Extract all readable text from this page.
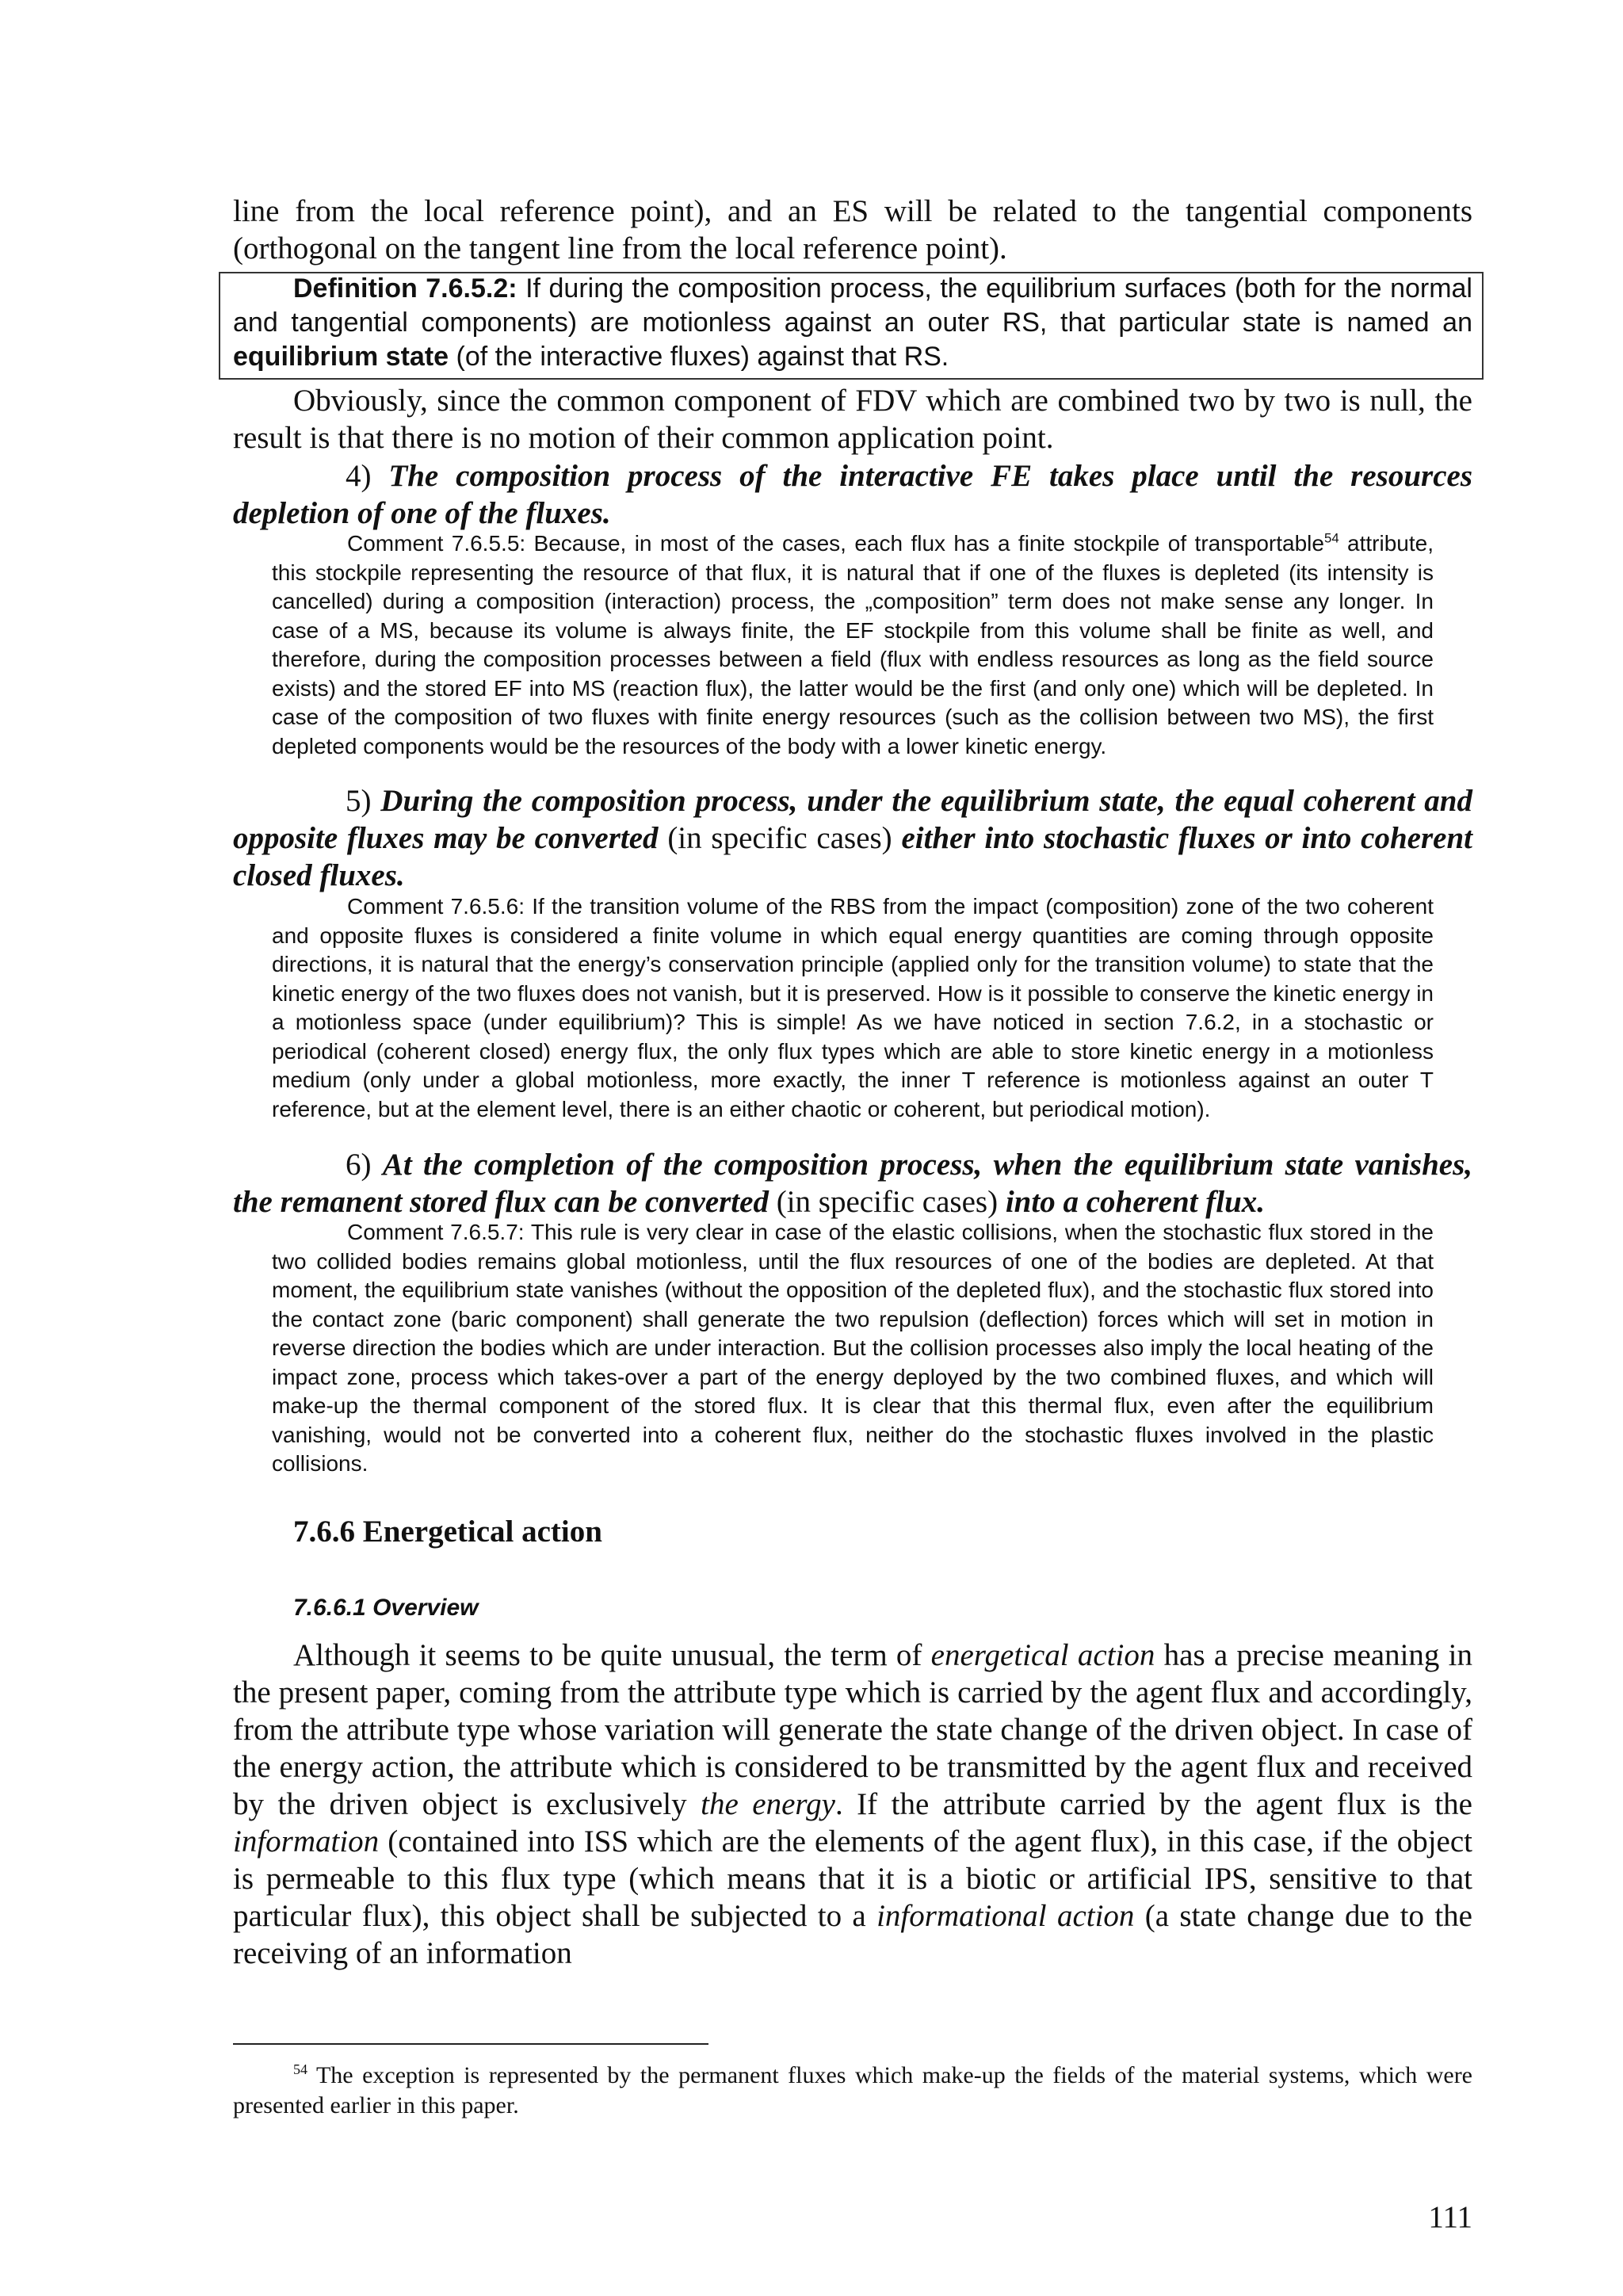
line from the local reference point), and an ES will be related to the tangential components (orthogonal on the tangent line from the local reference point).

Definition 7.6.5.2: If during the composition process, the equilibrium surfaces (both for the normal and tangential components) are motionless against an outer RS, that particular state is named an equilibrium state (of the interactive fluxes) against that RS.

Obviously, since the common component of FDV which are combined two by two is null, the result is that there is no motion of their common application point.

4) The composition process of the interactive FE takes place until the resources depletion of one of the fluxes.

Comment 7.6.5.5: Because, in most of the cases, each flux has a finite stockpile of transportable$^{54}$ attribute, this stockpile representing the resource of that flux, it is natural that if one of the fluxes is depleted (its intensity is cancelled) during a composition (interaction) process, the „composition” term does not make sense any longer. In case of a MS, because its volume is always finite, the EF stockpile from this volume shall be finite as well, and therefore, during the composition processes between a field (flux with endless resources as long as the field source exists) and the stored EF into MS (reaction flux), the latter would be the first (and only one) which will be depleted. In case of the composition of two fluxes with finite energy resources (such as the collision between two MS), the first depleted components would be the resources of the body with a lower kinetic energy.

5) During the composition process, under the equilibrium state, the equal coherent and opposite fluxes may be converted (in specific cases) either into stochastic fluxes or into coherent closed fluxes.

Comment 7.6.5.6: If the transition volume of the RBS from the impact (composition) zone of the two coherent and opposite fluxes is considered a finite volume in which equal energy quantities are coming through opposite directions, it is natural that the energy’s conservation principle (applied only for the transition volume) to state that the kinetic energy of the two fluxes does not vanish, but it is preserved. How is it possible to conserve the kinetic energy in a motionless space (under equilibrium)? This is simple! As we have noticed in section 7.6.2, in a stochastic or periodical (coherent closed) energy flux, the only flux types which are able to store kinetic energy in a motionless medium (only under a global motionless, more exactly, the inner T reference is motionless against an outer T reference, but at the element level, there is an either chaotic or coherent, but periodical motion).

6) At the completion of the composition process, when the equilibrium state vanishes, the remanent stored flux can be converted (in specific cases) into a coherent flux.

Comment 7.6.5.7: This rule is very clear in case of the elastic collisions, when the stochastic flux stored in the two collided bodies remains global motionless, until the flux resources of one of the bodies are depleted. At that moment, the equilibrium state vanishes (without the opposition of the depleted flux), and the stochastic flux stored into the contact zone (baric component) shall generate the two repulsion (deflection) forces which will set in motion in reverse direction the bodies which are under interaction. But the collision processes also imply the local heating of the impact zone, process which takes-over a part of the energy deployed by the two combined fluxes, and which will make-up the thermal component of the stored flux. It is clear that this thermal flux, even after the equilibrium vanishing, would not be converted into a coherent flux, neither do the stochastic fluxes involved in the plastic collisions.

7.6.6 Energetical action
7.6.6.1 Overview

Although it seems to be quite unusual, the term of energetical action has a precise meaning in the present paper, coming from the attribute type which is carried by the agent flux and accordingly, from the attribute type whose variation will generate the state change of the driven object. In case of the energy action, the attribute which is considered to be transmitted by the agent flux and received by the driven object is exclusively the energy. If the attribute carried by the agent flux is the information (contained into ISS which are the elements of the agent flux), in this case, if the object is permeable to this flux type (which means that it is a biotic or artificial IPS, sensitive to that particular flux), this object shall be subjected to a informational action (a state change due to the receiving of an information

$^{54}$ The exception is represented by the permanent fluxes which make-up the fields of the material systems, which were presented earlier in this paper.

111
